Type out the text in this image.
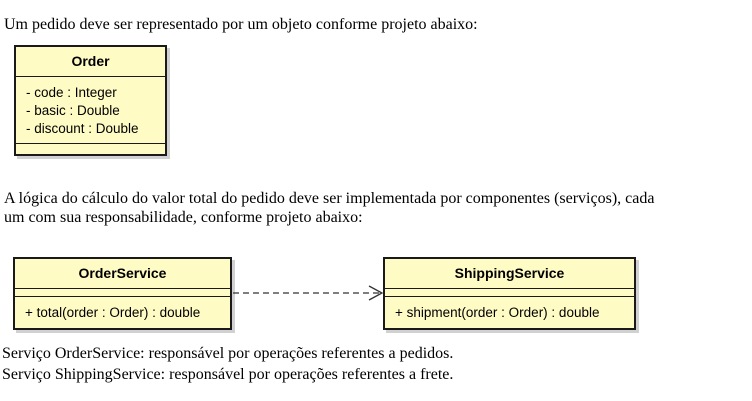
Um pedido deve ser representado por um objeto conforme projeto abaixo:
Order
- code : Integer
- basic : Double
- discount : Double
A lógica do cálculo do valor total do pedido deve ser implementada por componentes (serviços), cada
um com sua responsabilidade, conforme projeto abaixo:
OrderService
+ total(order : Order) : double
ShippingService
+ shipment(order : Order) : double
Serviço OrderService: responsável por operações referentes a pedidos.
Serviço ShippingService: responsável por operações referentes a frete.
